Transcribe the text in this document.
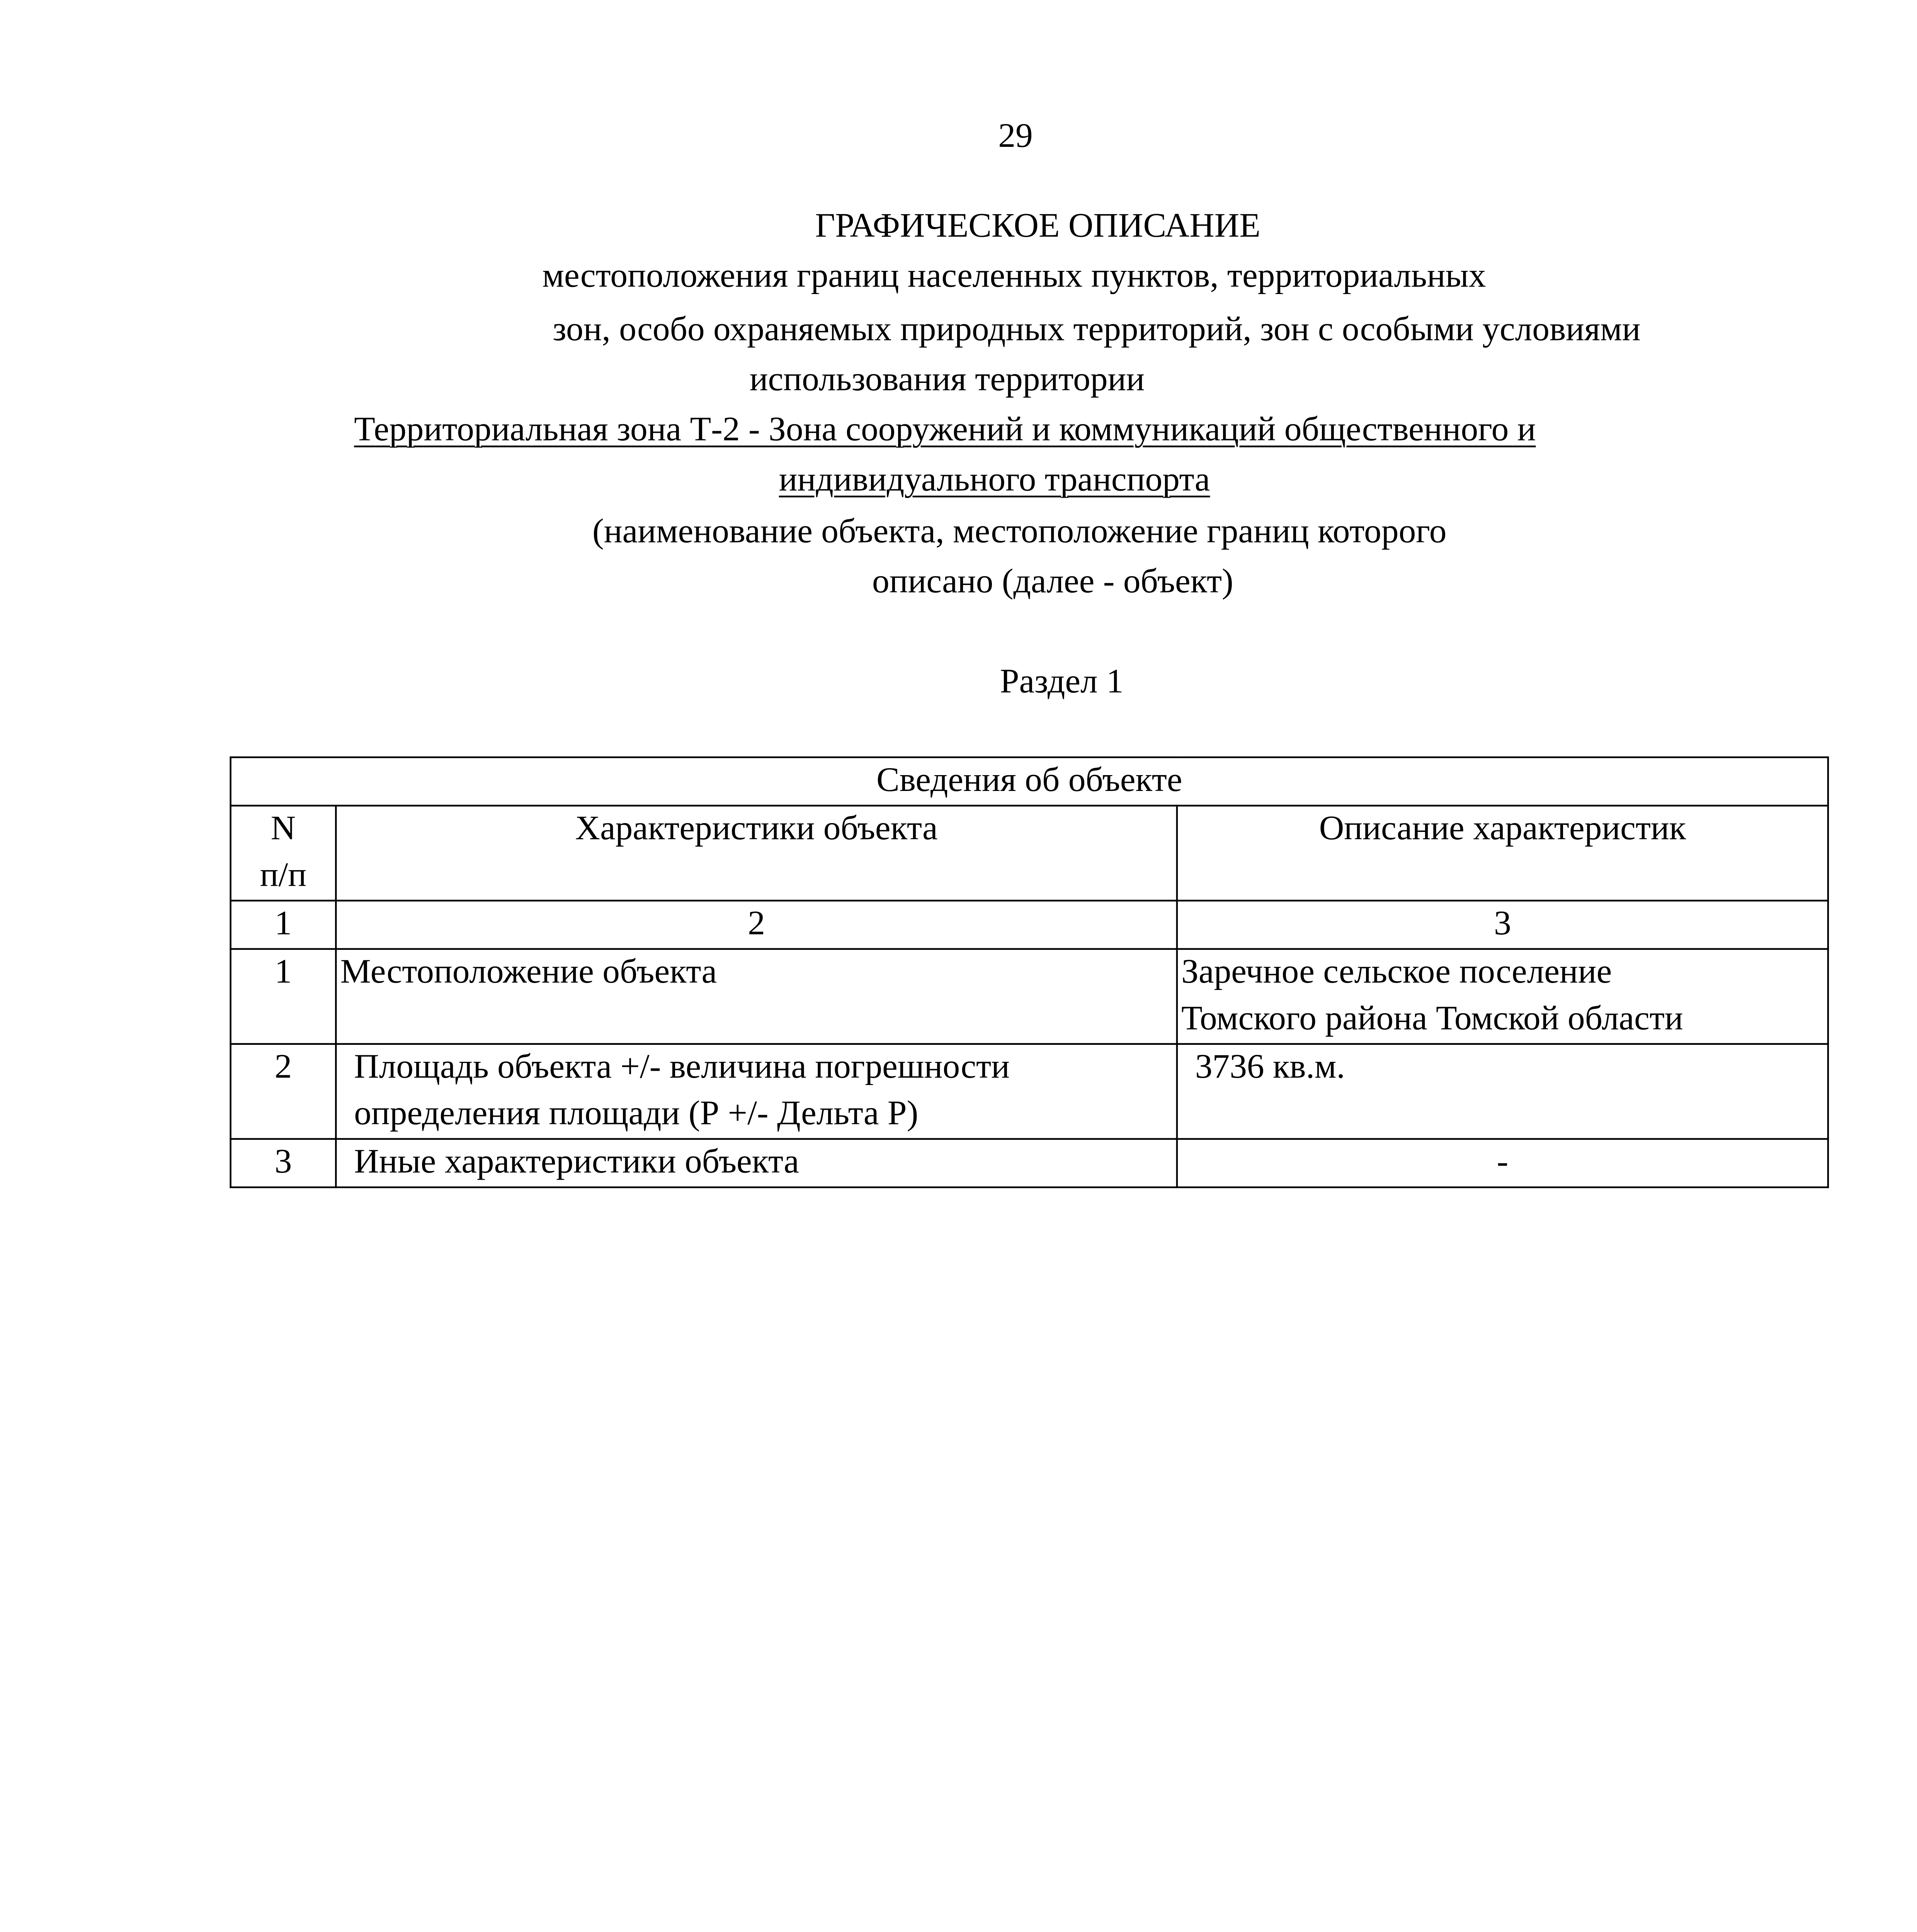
29
ГРАФИЧЕСКОЕ ОПИСАНИЕ
местоположения границ населенных пунктов, территориальных
зон, особо охраняемых природных территорий, зон с особыми условиями
использования территории
Территориальная зона Т-2 - Зона сооружений и коммуникаций общественного и
индивидуального транспорта
(наименование объекта, местоположение границ которого
описано (далее - объект)
Раздел 1
Сведения об объекте		

N
п/п	Характеристики объекта	Описание характеристик
1	2	3
1	Местоположение объекта	Заречное сельское поселение
Томского района Томской области

2	Площадь объекта +/- величина погрешности
определения площади (Р +/- Дельта Р)	3736 кв.м.

3	Иные характеристики объекта	-
